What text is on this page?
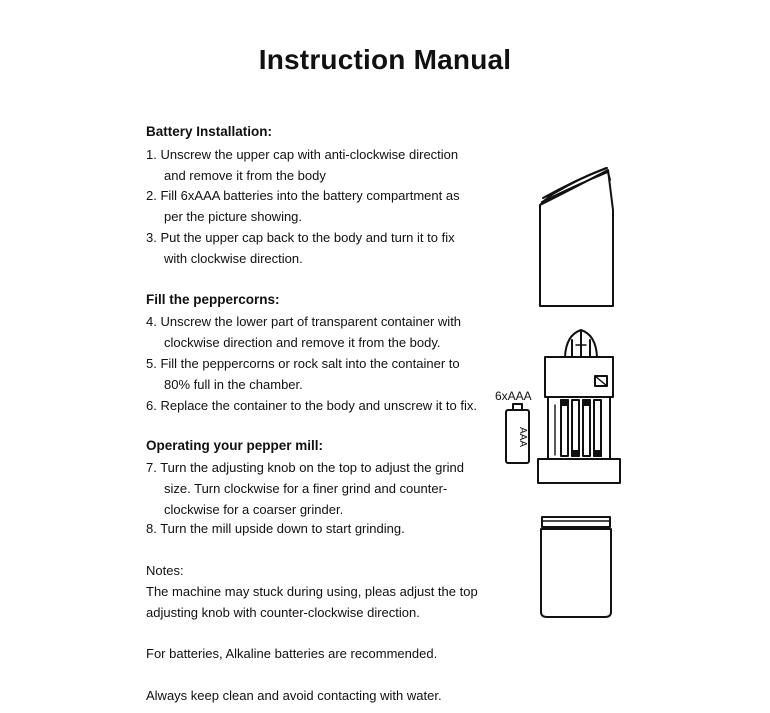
Instruction Manual
Battery Installation:
1. Unscrew the upper cap with anti-clockwise direction
and remove it from the body
2. Fill 6xAAA batteries into the battery compartment as
per the picture showing.
3. Put the upper cap back to the body and turn it to fix
with clockwise direction.
Fill the peppercorns:
4. Unscrew the lower part of transparent container with
clockwise direction and remove it from the body.
5. Fill the peppercorns or rock salt into the container to
80% full in the chamber.
6. Replace the container to the body and unscrew it to fix.
Operating your pepper mill:
7. Turn the adjusting knob on the top to adjust the grind
size. Turn clockwise for a finer grind and counter-
clockwise for a coarser grinder.
8. Turn the mill upside down to start grinding.
Notes:
The machine may stuck during using, pleas adjust the top
adjusting knob with counter-clockwise direction.
For batteries, Alkaline batteries are recommended.
Always keep clean and avoid contacting with water.
6xAAA
AAA
